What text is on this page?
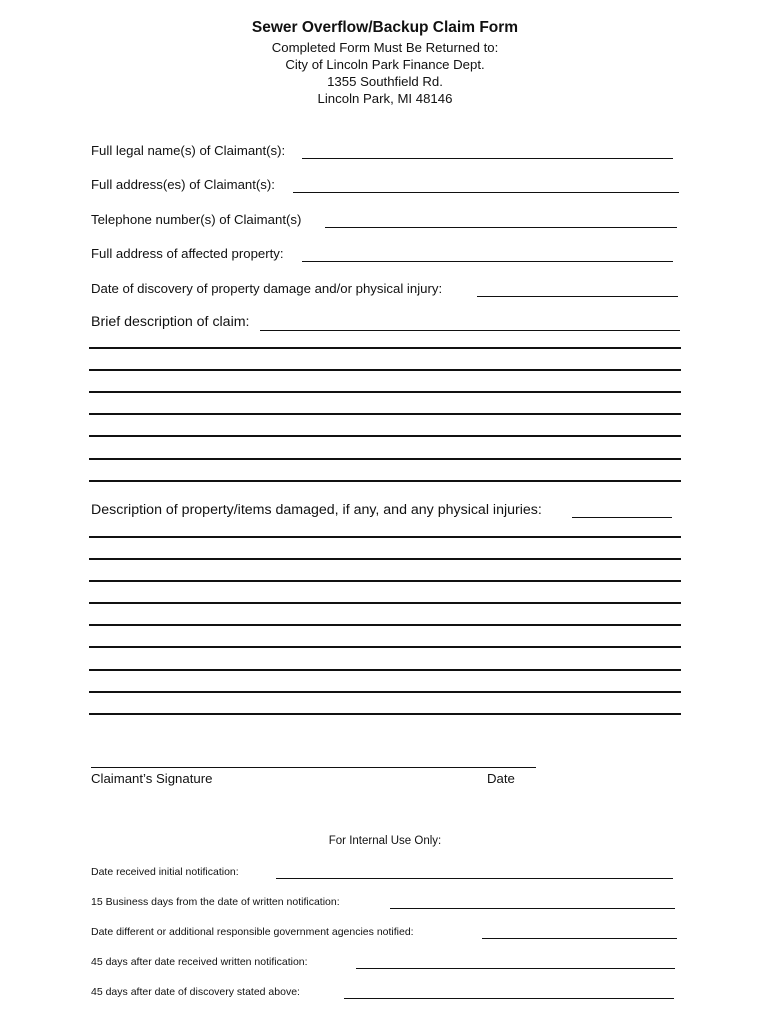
Sewer Overflow/Backup Claim Form
Completed Form Must Be Returned to:
City of Lincoln Park Finance Dept.
1355 Southfield Rd.
Lincoln Park, MI 48146
Full legal name(s) of Claimant(s):
Full address(es) of Claimant(s):
Telephone number(s) of Claimant(s)
Full address of affected property:
Date of discovery of property damage and/or physical injury:
Brief description of claim:
Description of property/items damaged, if any, and any physical injuries:
Claimant’s Signature	Date
For Internal Use Only:
Date received initial notification:
15 Business days from the date of written notification:
Date different or additional responsible government agencies notified:
45 days after date received written notification:
45 days after date of discovery stated above:
